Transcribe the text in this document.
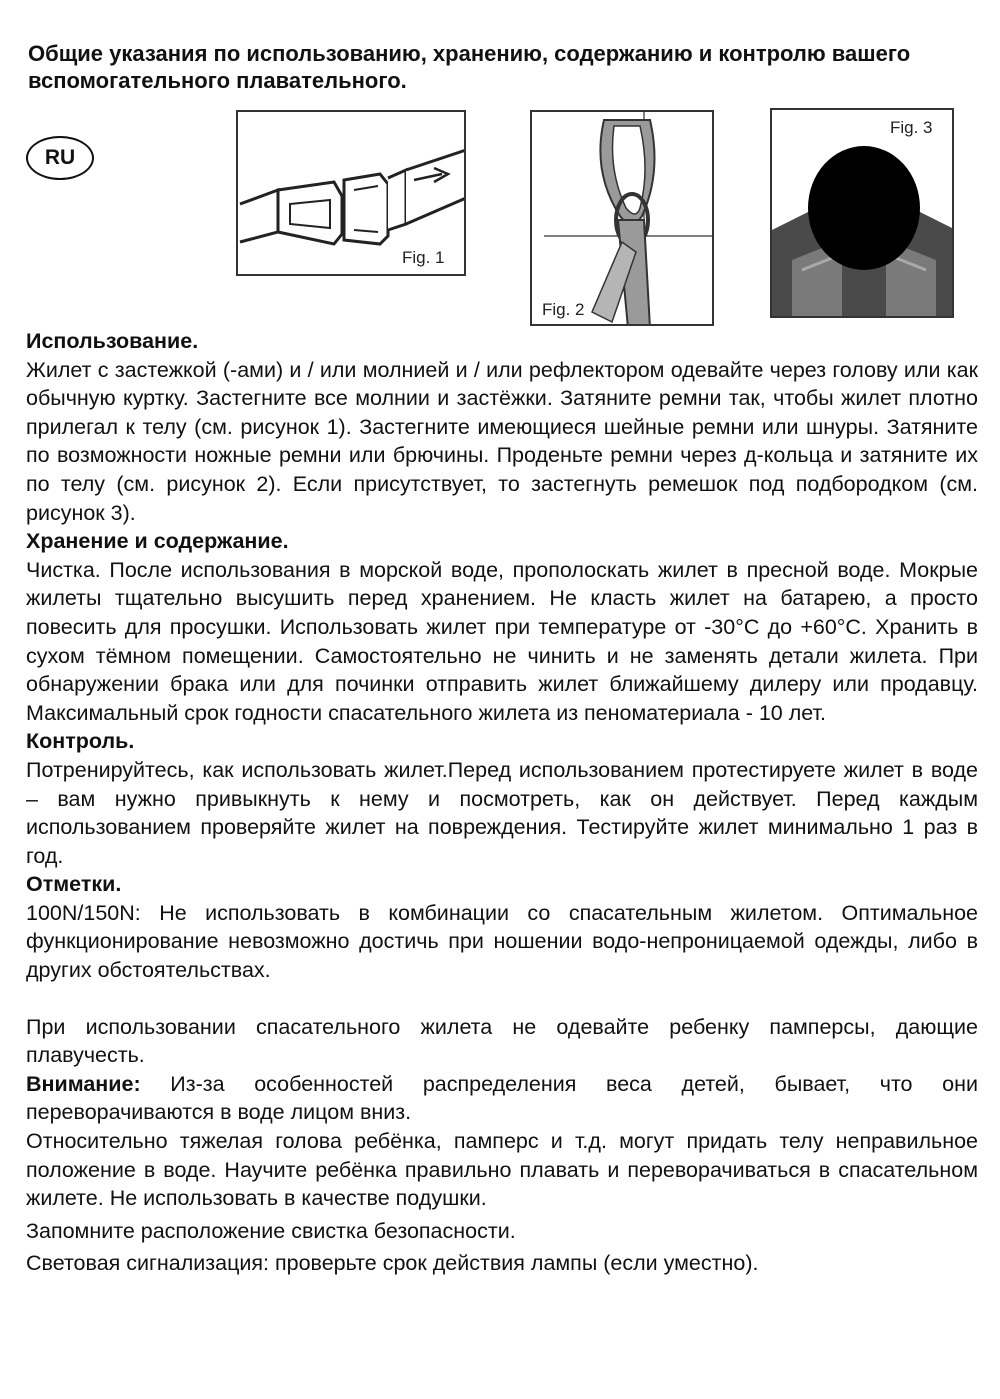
Общие указания по использованию, хранению, содержанию и контролю вашего вспомогательного плавательного.
RU
Fig. 1
Fig. 2
Fig. 3
Использование.

Жилет с застежкой (-ами) и / или молнией и / или рефлектором одевайте через голову или как обычную куртку. Застегните все молнии и застёжки. Затяните ремни так, чтобы жилет плотно прилегал к телу (см. рисунок 1). Застегните имеющиеся шейные ремни или шнуры. Затяните по возможности ножные ремни или брючины. Проденьте ремни через д-кольца и затяните их по телу (см. рисунок 2). Если присутствует, то застегнуть ремешок под подбородком (см. рисунок 3).

Хранение и содержание.

Чистка. После использования в морской воде, прополоскать жилет в пресной воде. Мокрые жилеты тщательно высушить перед хранением. Не класть жилет на батарею, а просто повесить для просушки. Использовать жилет при температуре от -30°C до +60°C. Хранить в сухом тёмном помещении. Самостоятельно не чинить и не заменять детали жилета. При обнаружении брака или для починки отправить жилет ближайшему дилеру или продавцу. Максимальный срок годности спасательного жилета из пеноматериала - 10 лет.

Контроль.

Потренируйтесь, как использовать жилет.Перед использованием протестируете жилет в воде – вам нужно привыкнуть к нему и посмотреть, как он действует. Перед каждым использованием проверяйте жилет на повреждения. Тестируйте жилет минимально 1 раз в год.

Отметки.

100N/150N: Не использовать в комбинации со спасательным жилетом. Оптимальное функционирование невозможно достичь при ношении водо-непроницаемой одежды, либо в других обстоятельствах.

При использовании спасательного жилета не одевайте ребенку памперсы, дающие плавучесть.

Внимание: Из-за особенностей распределения веса детей, бывает, что они переворачиваются в воде лицом вниз.

Относительно тяжелая голова ребёнка, памперс и т.д. могут придать телу неправильное положение в воде. Научите ребёнка правильно плавать и переворачиваться в спасательном жилете. Не использовать в качестве подушки.

Запомните расположение свистка безопасности.

Световая сигнализация: проверьте срок действия лампы (если уместно).
